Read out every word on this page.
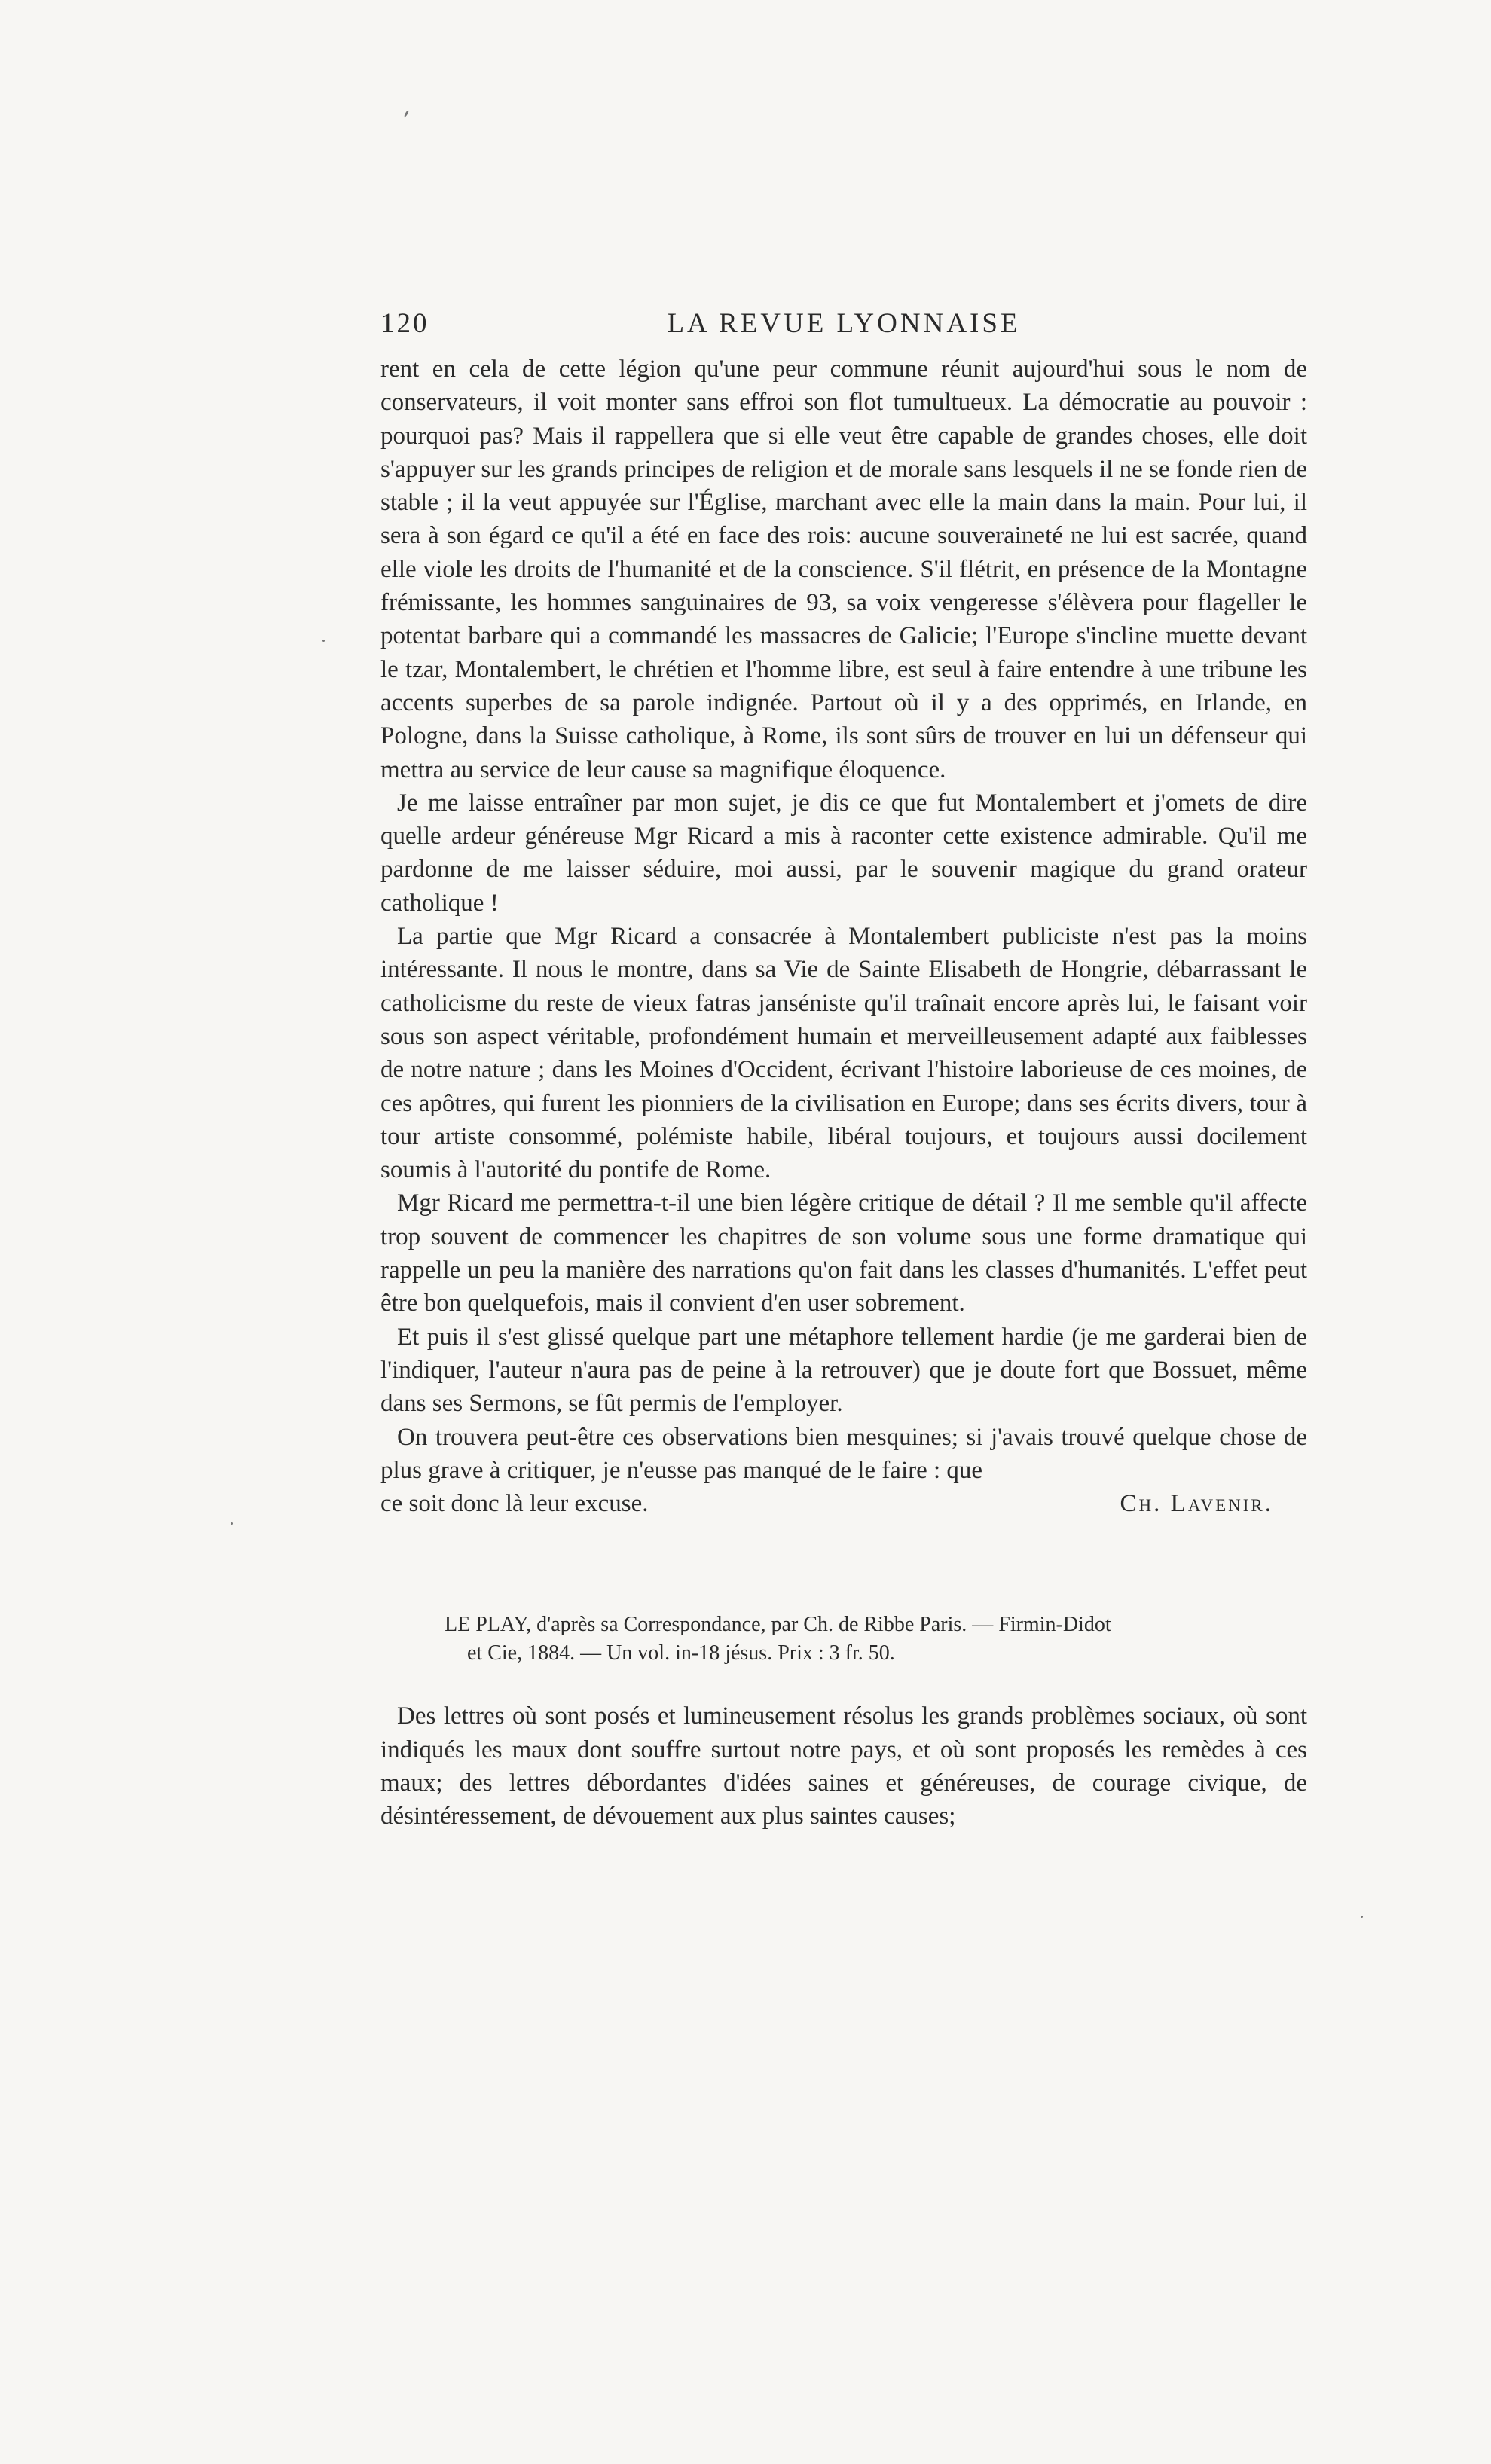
120	LA REVUE LYONNAISE

rent en cela de cette légion qu'une peur commune réunit aujourd'hui sous le nom de conservateurs, il voit monter sans effroi son flot tumultueux. La démocratie au pouvoir : pourquoi pas? Mais il rappellera que si elle veut être capable de grandes choses, elle doit s'appuyer sur les grands principes de religion et de morale sans lesquels il ne se fonde rien de stable ; il la veut appuyée sur l'Église, marchant avec elle la main dans la main. Pour lui, il sera à son égard ce qu'il a été en face des rois: aucune souveraineté ne lui est sacrée, quand elle viole les droits de l'humanité et de la conscience. S'il flétrit, en présence de la Montagne frémissante, les hommes sanguinaires de 93, sa voix vengeresse s'élèvera pour flageller le potentat barbare qui a commandé les massacres de Galicie; l'Europe s'incline muette devant le tzar, Montalembert, le chrétien et l'homme libre, est seul à faire entendre à une tribune les accents superbes de sa parole indignée. Partout où il y a des opprimés, en Irlande, en Pologne, dans la Suisse catholique, à Rome, ils sont sûrs de trouver en lui un défenseur qui mettra au service de leur cause sa magnifique éloquence.

Je me laisse entraîner par mon sujet, je dis ce que fut Montalembert et j'omets de dire quelle ardeur généreuse Mgr Ricard a mis à raconter cette existence admirable. Qu'il me pardonne de me laisser séduire, moi aussi, par le souvenir magique du grand orateur catholique !

La partie que Mgr Ricard a consacrée à Montalembert publiciste n'est pas la moins intéressante. Il nous le montre, dans sa Vie de Sainte Elisabeth de Hongrie, débarrassant le catholicisme du reste de vieux fatras janséniste qu'il traînait encore après lui, le faisant voir sous son aspect véritable, profondément humain et merveilleusement adapté aux faiblesses de notre nature ; dans les Moines d'Occident, écrivant l'histoire laborieuse de ces moines, de ces apôtres, qui furent les pionniers de la civilisation en Europe; dans ses écrits divers, tour à tour artiste consommé, polémiste habile, libéral toujours, et toujours aussi docilement soumis à l'autorité du pontife de Rome.

Mgr Ricard me permettra-t-il une bien légère critique de détail ? Il me semble qu'il affecte trop souvent de commencer les chapitres de son volume sous une forme dramatique qui rappelle un peu la manière des narrations qu'on fait dans les classes d'humanités. L'effet peut être bon quelquefois, mais il convient d'en user sobrement.

Et puis il s'est glissé quelque part une métaphore tellement hardie (je me garderai bien de l'indiquer, l'auteur n'aura pas de peine à la retrouver) que je doute fort que Bossuet, même dans ses Sermons, se fût permis de l'employer.

On trouvera peut-être ces observations bien mesquines; si j'avais trouvé quelque chose de plus grave à critiquer, je n'eusse pas manqué de le faire : que

ce soit donc là leur excuse.	Ch. Lavenir.
LE PLAY, d'après sa Correspondance, par Ch. de Ribbe Paris. — Firmin-Didot
et Cie, 1884. — Un vol. in-18 jésus. Prix : 3 fr. 50.

Des lettres où sont posés et lumineusement résolus les grands problèmes sociaux, où sont indiqués les maux dont souffre surtout notre pays, et où sont proposés les remèdes à ces maux; des lettres débordantes d'idées saines et généreuses, de courage civique, de désintéressement, de dévouement aux plus saintes causes;
